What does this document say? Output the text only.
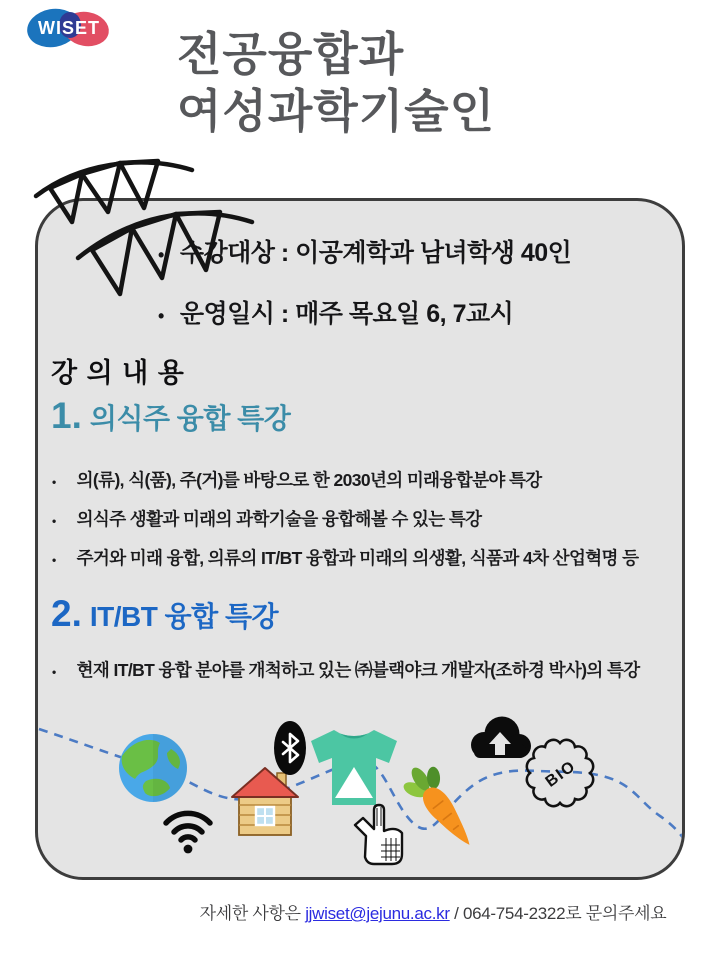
WISET 전공융합과
여성과학기술인
• 수강대상 : 이공계학과 남녀학생 40인
• 운영일시 : 매주 목요일 6, 7교시
강 의 내 용
1. 의식주 융합 특강
• 의(류), 식(품), 주(거)를 바탕으로 한 2030년의 미래융합분야 특강
• 의식주 생활과 미래의 과학기술을 융합해볼 수 있는 특강
• 주거와 미래 융합, 의류의 IT/BT 융합과 미래의 의생활, 식품과 4차 산업혁명 등
2. IT/BT 융합 특강
• 현재 IT/BT 융합 분야를 개척하고 있는 ㈜블랙야크 개발자(조하경 박사)의 특강
BIO
자세한 사항은 jjwiset@jejunu.ac.kr / 064-754-2322로 문의주세요
